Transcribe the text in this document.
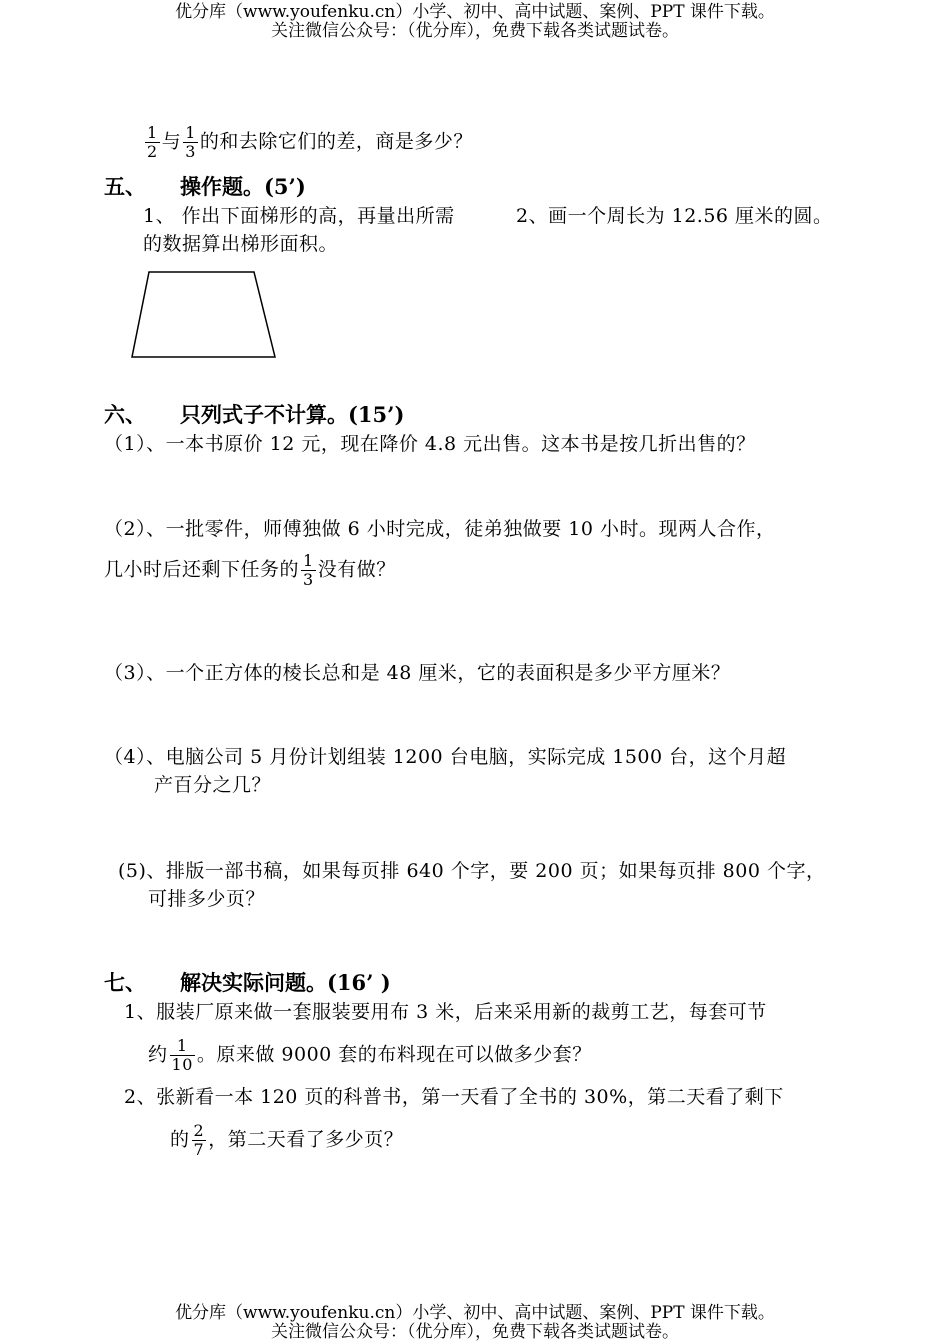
优分库（www.youfenku.cn）小学、初中、高中试题、案例、PPT 课件下载。
关注微信公众号：（优分库），免费下载各类试题试卷。
$\frac{1}{2}$ 与 $\frac{1}{3}$ 的和去除它们的差，商是多少？
五、 操作题。(5’)
1、 作出下面梯形的高，再量出所需	2、画一个周长为 12.56 厘米的圆。
的数据算出梯形面积。
六、 只列式子不计算。(15’)
（1）、一本书原价 12 元，现在降价 4.8 元出售。这本书是按几折出售的？
（2）、一批零件，师傅独做 6 小时完成，徒弟独做要 10 小时。现两人合作，
几小时后还剩下任务的 $\frac{1}{3}$ 没有做？
（3）、一个正方体的棱长总和是 48 厘米，它的表面积是多少平方厘米？
（4）、电脑公司 5 月份计划组装 1200 台电脑，实际完成 1500 台，这个月超
产百分之几？
(5)、排版一部书稿，如果每页排 640 个字，要 200 页；如果每页排 800 个字，
可排多少页？
七、 解决实际问题。(16’ )
1、服装厂原来做一套服装要用布 3 米，后来采用新的裁剪工艺，每套可节
约 $\frac{1}{10}$ 。原来做 9000 套的布料现在可以做多少套？
2、张新看一本 120 页的科普书，第一天看了全书的 30%，第二天看了剩下
的 $\frac{2}{7}$ ，第二天看了多少页？
优分库（www.youfenku.cn）小学、初中、高中试题、案例、PPT 课件下载。
关注微信公众号：（优分库），免费下载各类试题试卷。
